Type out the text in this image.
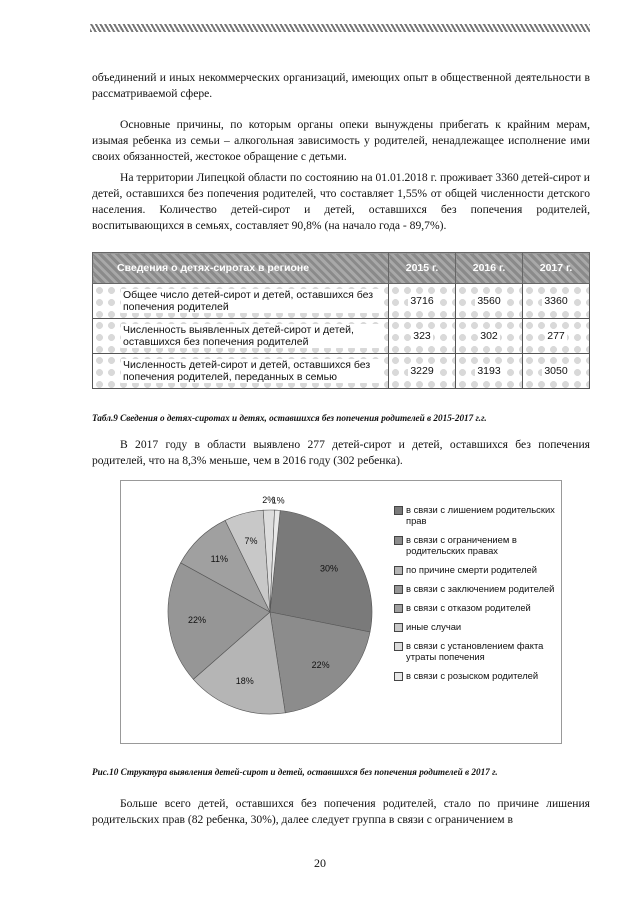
объединений и иных некоммерческих организаций, имеющих опыт в общественной деятельности в рассматриваемой сфере.

Основные причины, по которым органы опеки вынуждены прибегать к крайним мерам, изымая ребенка из семьи – алкогольная зависимость у родителей, ненадлежащее исполнение ими своих обязанностей, жестокое обращение с детьми.

На территории Липецкой области по состоянию на 01.01.2018 г. проживает 3360 детей-сирот и детей, оставшихся без попечения родителей, что составляет 1,55% от общей численности детского населения. Количество детей-сирот и детей, оставшихся без попечения родителей, воспитывающихся в семьях, составляет 90,8% (на начало года - 89,7%).

Сведения о детях-сиротах в регионе	2015 г.	2016 г.	2017 г.
Общее число детей-сирот и детей, оставшихся без попечения родителей	3716	3560	3360
Численность выявленных детей-сирот и детей, оставшихся без попечения родителей	323	302	277
Численность детей-сирот и детей, оставшихся без попечения родителей, переданных в семью	3229	3193	3050
Табл.9 Сведения о детях-сиротах и детях, оставшихся без попечения родителей в 2015-2017 г.г.

В 2017 году в области выявлено 277 детей-сирот и детей, оставшихся без попечения родителей, что на 8,3% меньше, чем в 2016 году (302 ребенка).

30%
22%
18%
22%
11%
7%
2%
1%
в связи с лишением родительских прав
в связи с ограничением в родительских правах
по причине смерти родителей
в связи с заключением родителей
в связи с отказом родителей
иные случаи
в связи с установлением факта утраты попечения
в связи с розыском родителей
Рис.10 Структура выявления детей-сирот и детей, оставшихся без попечения родителей в 2017 г.

Больше всего детей, оставшихся без попечения родителей, стало по причине лишения родительских прав (82 ребенка, 30%), далее следует группа в связи с ограничением в

20
